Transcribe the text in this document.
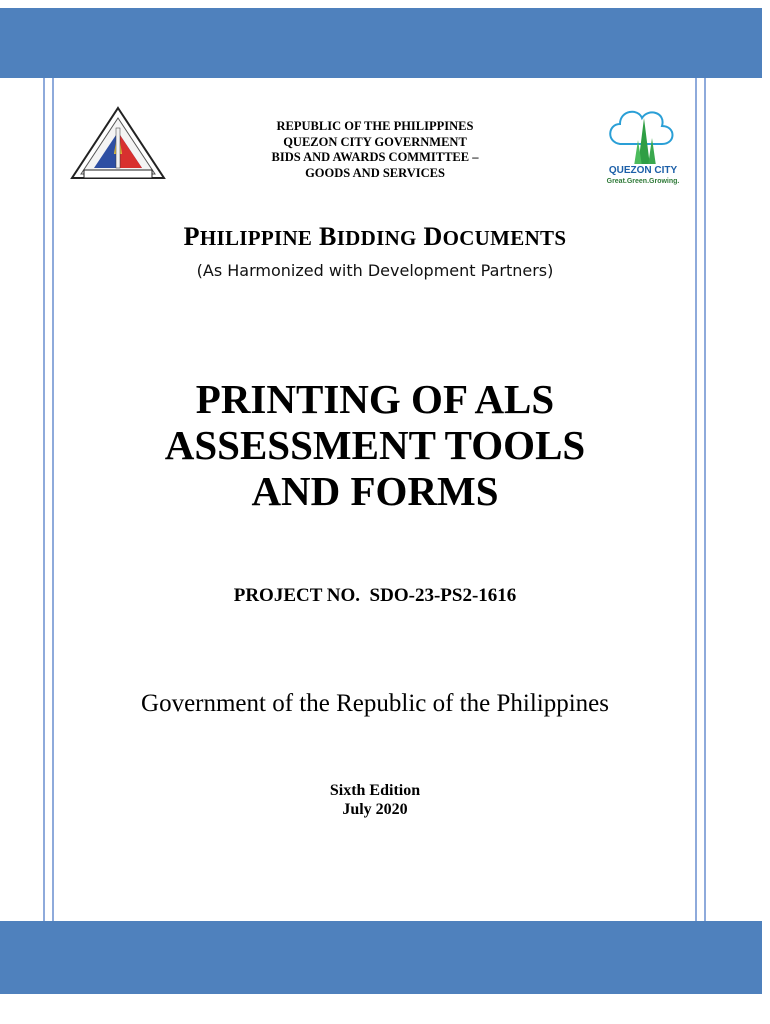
REPUBLIC OF THE PHILIPPINES
QUEZON CITY GOVERNMENT
BIDS AND AWARDS COMMITTEE –
GOODS AND SERVICES	QUEZON CITY
Great.Green.Growing.
PHILIPPINE BIDDING DOCUMENTS
(As Harmonized with Development Partners)
PRINTING OF ALS
ASSESSMENT TOOLS
AND FORMS
PROJECT NO.  SDO-23-PS2-1616
Government of the Republic of the Philippines
Sixth Edition
July 2020
